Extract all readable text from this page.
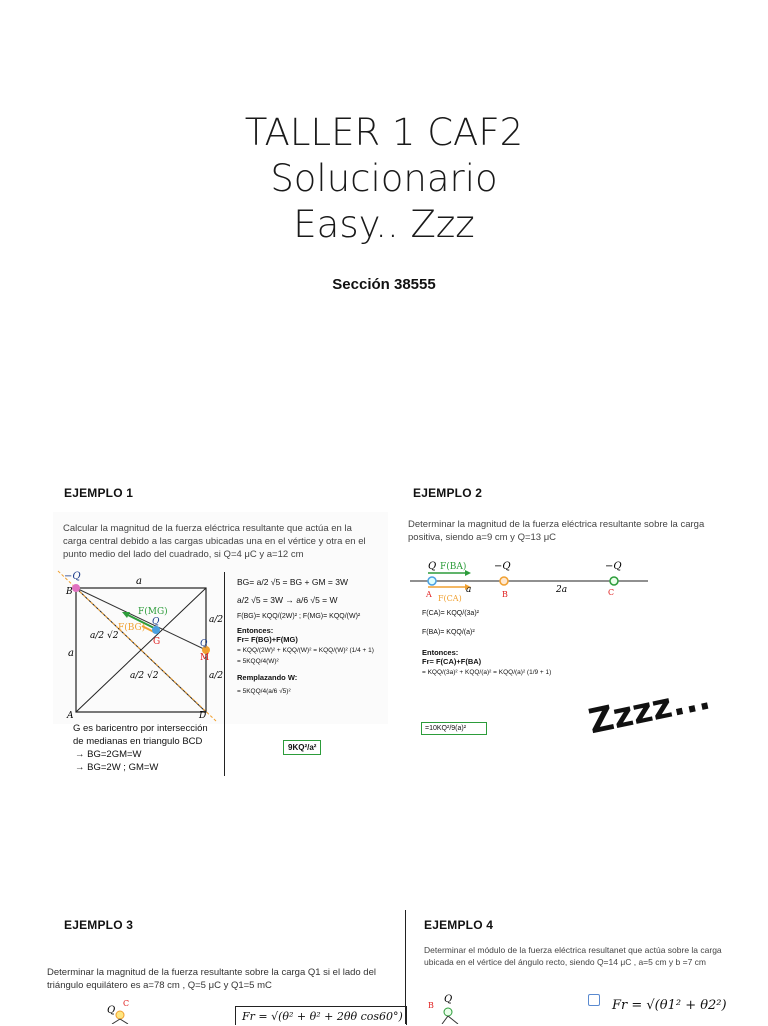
TALLER 1 CAF2
Solucionario
Easy.. Zzz
Sección 38555
EJEMPLO 1
Calcular la magnitud de la fuerza eléctrica resultante que actúa en la carga central debido a las cargas ubicadas una en el vértice y otra en el punto medio del lado del cuadrado, si Q=4 μC y a=12 cm
−Q
B
a
a
a/2
a/2
a/2 √2
a/2 √2
F(MG)
F(BG)
Q
G	Q
M
A	D
BG= a/2 √5 = BG + GM = 3W
a/2 √5 = 3W → a/6 √5 = W
F(BG)= KQQ/(2W)² ; F(MG)= KQQ/(W)²
Entonces:
Fr= F(BG)+F(MG)
= KQQ/(2W)² + KQQ/(W)² = KQQ/(W)² (1/4 + 1)
= 5KQQ/4(W)²
Remplazando W:
= 5KQQ/4(a/6 √5)²
9KQ²/a²
G es baricentro por intersección
de medianas en triangulo BCD
→ BG=2GM=W
→ BG=2W ; GM=W
EJEMPLO 2
Determinar la magnitud de la fuerza eléctrica resultante sobre la carga positiva, siendo a=9 cm y Q=13 μC
Q F(BA)	−Q	−Q
a	2a
A F(CA)	B	C
F(CA)= KQQ/(3a)²
F(BA)= KQQ/(a)²
Entonces:
Fr= F(CA)+F(BA)
= KQQ/(3a)² + KQQ/(a)² = KQQ/(a)² (1/9 + 1)
=10KQ²/9(a)²	Zzzz...
EJEMPLO 3
Determinar la magnitud de la fuerza resultante sobre la carga Q1 si el lado del triángulo equilátero es a=78 cm , Q=5 μC y Q1=5 mC
Q
C
Fr = √(θ² + θ² + 2θθ cos60°)
EJEMPLO 4
Determinar el módulo de la fuerza eléctrica resultanet que actúa sobre la carga ubicada en el vértice del ángulo recto, siendo Q=14 μC , a=5 cm y b =7 cm
B
Q	Fr = √(θ1² + θ2²)
